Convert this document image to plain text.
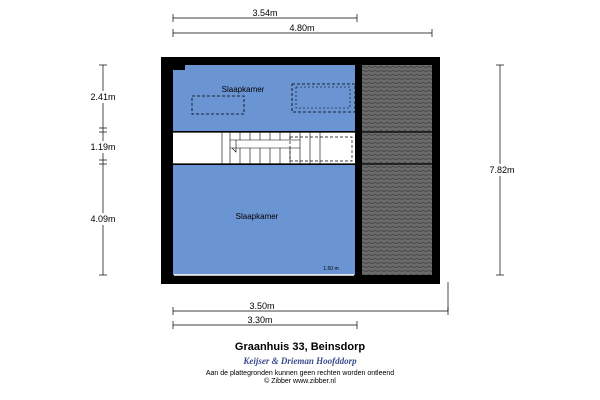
3.54m
4.80m
2.41m
1.19m
4.09m
7.82m
Slaapkamer
Slaapkamer
1.50 m
3.50m
3.30m
Graanhuis 33, Beinsdorp
Keijser & Drieman Hoofddorp
Aan de plattegronden kunnen geen rechten worden ontleend
© Zibber www.zibber.nl
